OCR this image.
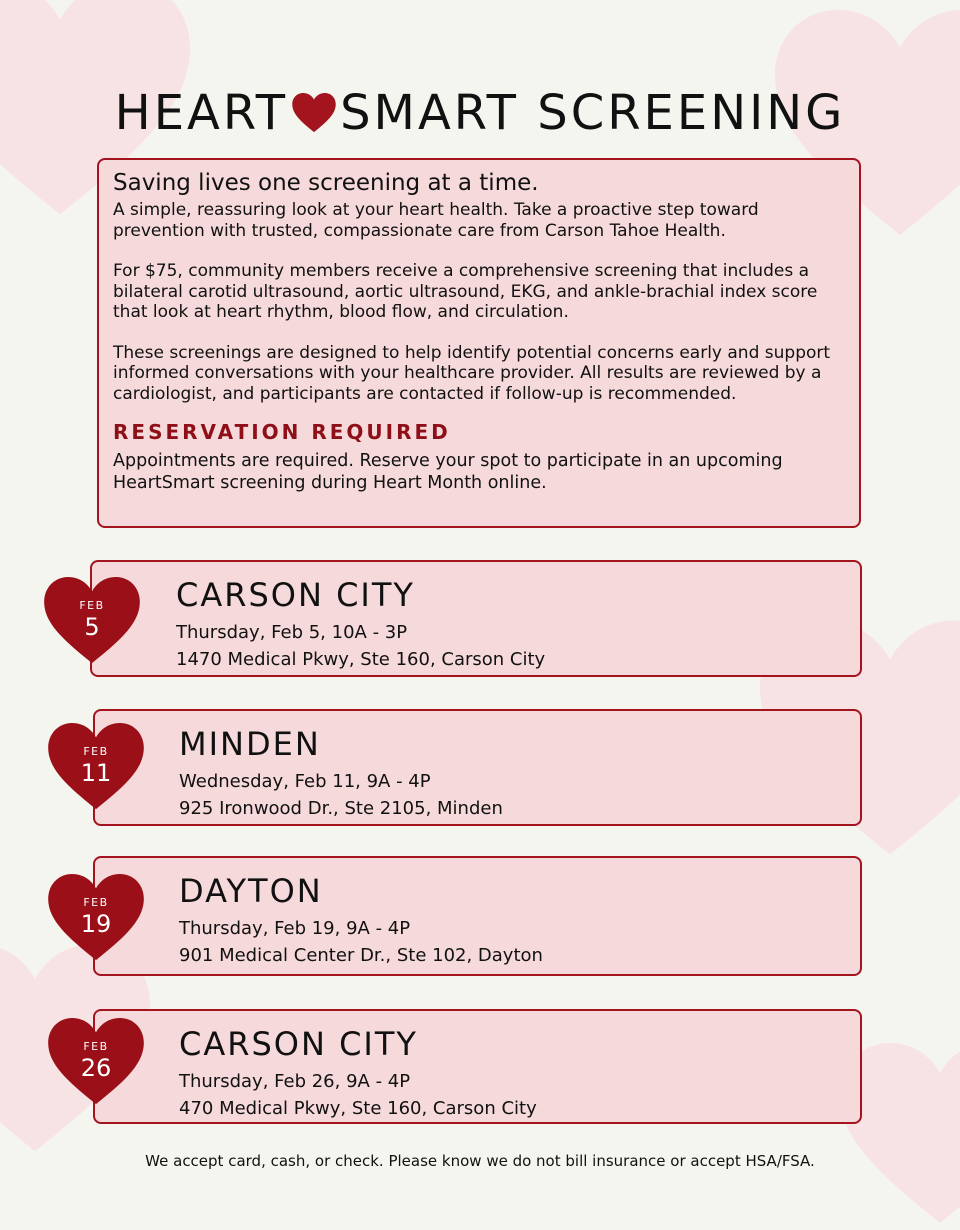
HEART SMART SCREENING
Saving lives one screening at a time.

A simple, reassuring look at your heart health. Take a proactive step toward prevention with trusted, compassionate care from Carson Tahoe Health.

For $75, community members receive a comprehensive screening that includes a bilateral carotid ultrasound, aortic ultrasound, EKG, and ankle-brachial index score that look at heart rhythm, blood flow, and circulation.

These screenings are designed to help identify potential concerns early and support informed conversations with your healthcare provider. All results are reviewed by a cardiologist, and participants are contacted if follow-up is recommended.

RESERVATION REQUIRED

Appointments are required. Reserve your spot to participate in an upcoming HeartSmart screening during Heart Month online.

CARSON CITY
Thursday, Feb 5, 10A - 3P
1470 Medical Pkwy, Ste 160, Carson City
FEB
5
MINDEN
Wednesday, Feb 11, 9A - 4P
925 Ironwood Dr., Ste 2105, Minden
FEB
11
DAYTON
Thursday, Feb 19, 9A - 4P
901 Medical Center Dr., Ste 102, Dayton
FEB
19
CARSON CITY
Thursday, Feb 26, 9A - 4P
470 Medical Pkwy, Ste 160, Carson City
FEB
26
We accept card, cash, or check. Please know we do not bill insurance or accept HSA/FSA.
